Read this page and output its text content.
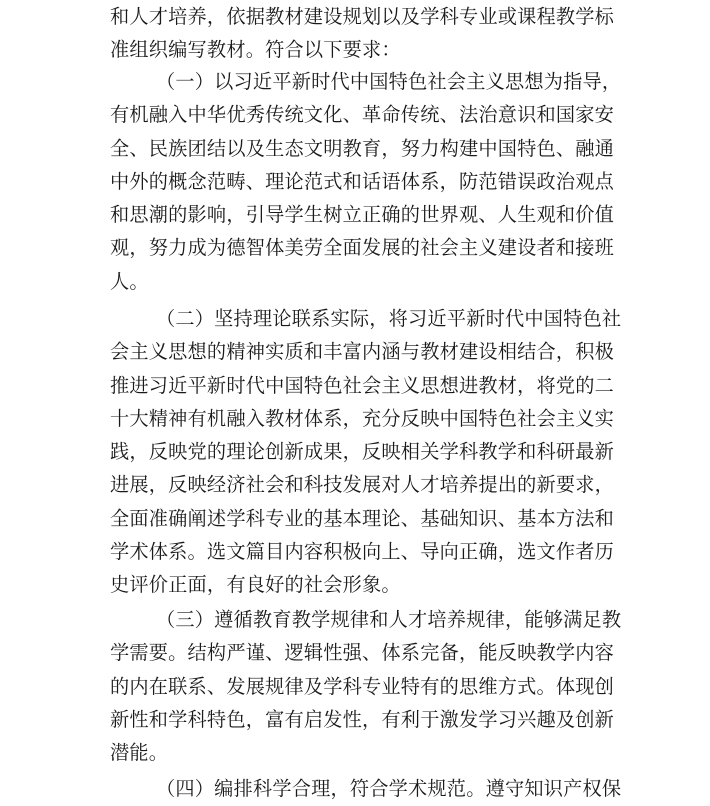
和人才培养，依据教材建设规划以及学科专业或课程教学标
准组织编写教材。符合以下要求：
（一）以习近平新时代中国特色社会主义思想为指导，
有机融入中华优秀传统文化、革命传统、法治意识和国家安
全、民族团结以及生态文明教育，努力构建中国特色、融通
中外的概念范畴、理论范式和话语体系，防范错误政治观点
和思潮的影响，引导学生树立正确的世界观、人生观和价值
观，努力成为德智体美劳全面发展的社会主义建设者和接班
人。
（二）坚持理论联系实际，将习近平新时代中国特色社
会主义思想的精神实质和丰富内涵与教材建设相结合，积极
推进习近平新时代中国特色社会主义思想进教材，将党的二
十大精神有机融入教材体系，充分反映中国特色社会主义实
践，反映党的理论创新成果，反映相关学科教学和科研最新
进展，反映经济社会和科技发展对人才培养提出的新要求，
全面准确阐述学科专业的基本理论、基础知识、基本方法和
学术体系。选文篇目内容积极向上、导向正确，选文作者历
史评价正面，有良好的社会形象。
（三）遵循教育教学规律和人才培养规律，能够满足教
学需要。结构严谨、逻辑性强、体系完备，能反映教学内容
的内在联系、发展规律及学科专业特有的思维方式。体现创
新性和学科特色，富有启发性，有利于激发学习兴趣及创新
潜能。
（四）编排科学合理，符合学术规范。遵守知识产权保
